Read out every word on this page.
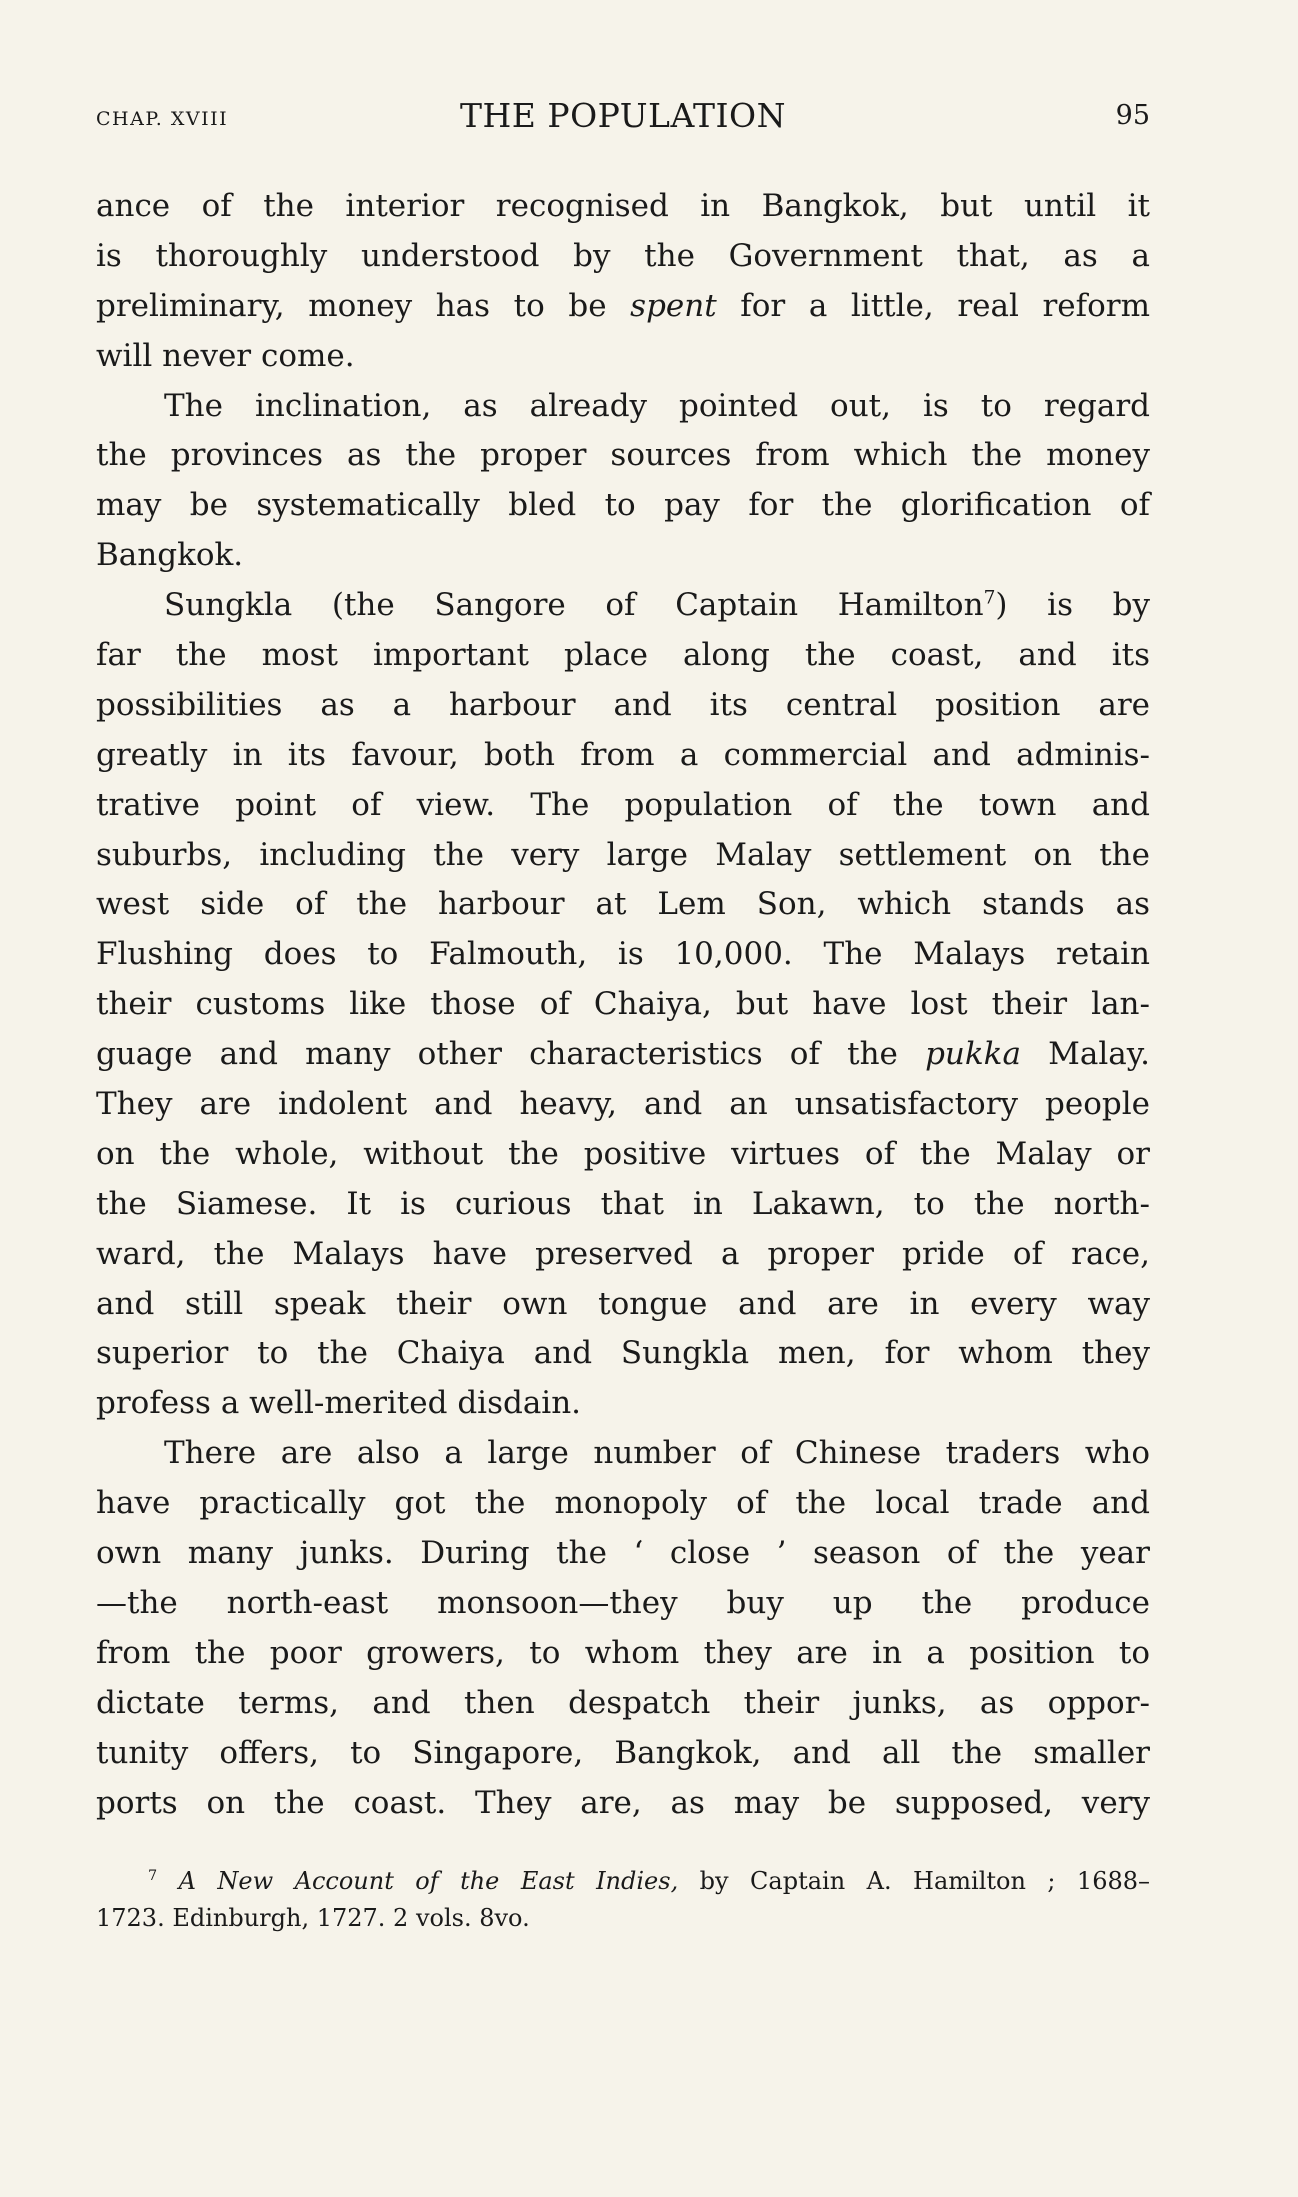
CHAP. XVIII	THE POPULATION	95
ance of the interior recognised in Bangkok, but until it
is thoroughly understood by the Government that, as a
preliminary, money has to be spent for a little, real reform
will never come.
The inclination, as already pointed out, is to regard
the provinces as the proper sources from which the money
may be systematically bled to pay for the glorification of
Bangkok.
Sungkla (the Sangore of Captain Hamilton$^7$) is by
far the most important place along the coast, and its
possibilities as a harbour and its central position are
greatly in its favour, both from a commercial and adminis-
trative point of view. The population of the town and
suburbs, including the very large Malay settlement on the
west side of the harbour at Lem Son, which stands as
Flushing does to Falmouth, is 10,000. The Malays retain
their customs like those of Chaiya, but have lost their lan-
guage and many other characteristics of the pukka Malay.
They are indolent and heavy, and an unsatisfactory people
on the whole, without the positive virtues of the Malay or
the Siamese. It is curious that in Lakawn, to the north-
ward, the Malays have preserved a proper pride of race,
and still speak their own tongue and are in every way
superior to the Chaiya and Sungkla men, for whom they
profess a well-merited disdain.
There are also a large number of Chinese traders who
have practically got the monopoly of the local trade and
own many junks. During the ‘ close ’ season of the year
—the north-east monsoon—they buy up the produce
from the poor growers, to whom they are in a position to
dictate terms, and then despatch their junks, as oppor-
tunity offers, to Singapore, Bangkok, and all the smaller
ports on the coast. They are, as may be supposed, very
$^7$ A New Account of the East Indies, by Captain A. Hamilton ; 1688–
1723. Edinburgh, 1727. 2 vols. 8vo.
